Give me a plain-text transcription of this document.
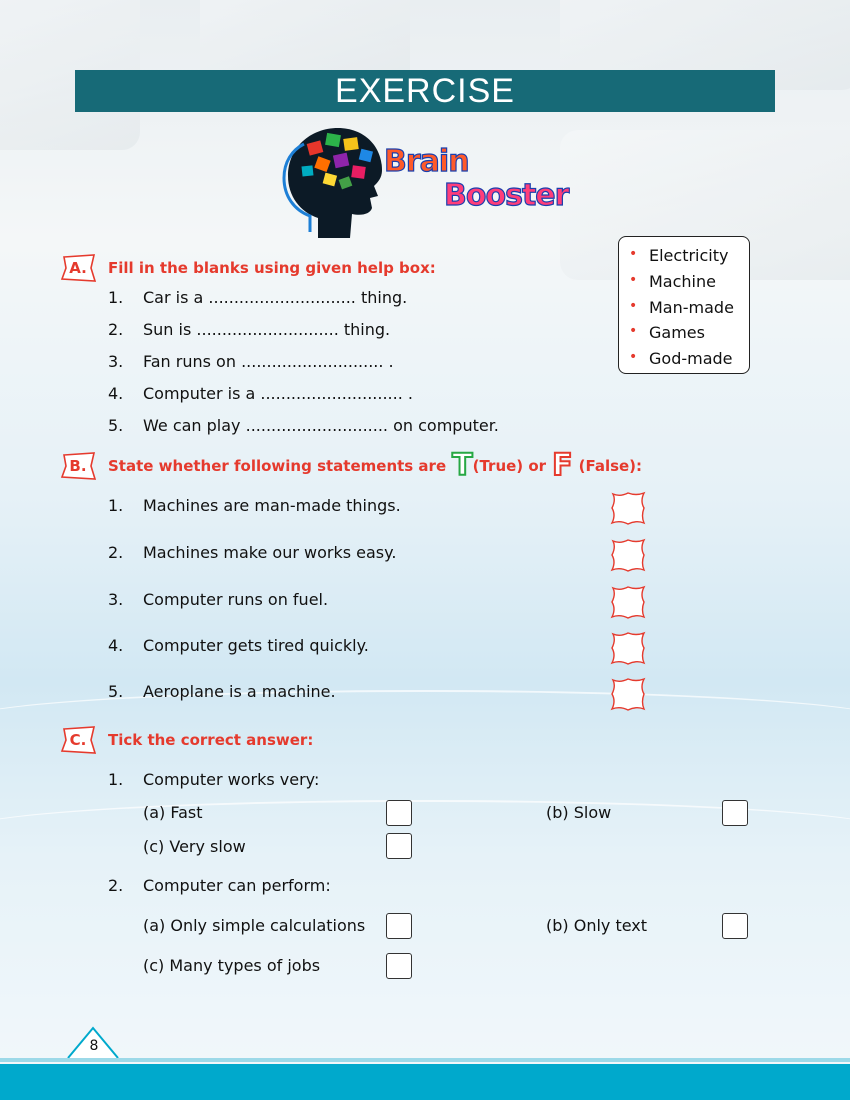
EXERCISE
Brain
Booster
A.	Fill in the blanks using given help box:
1. Car is a ............................. thing.
2. Sun is ............................ thing.
3. Fan runs on ............................ .
4. Computer is a ............................ .
5. We can play ............................ on computer.
• Electricity
• Machine
• Man-made
• Games
• God-made
B.	State whether following statements are T (True) or F (False):
1. Machines are man-made things.
2. Machines make our works easy.
3. Computer runs on fuel.
4. Computer gets tired quickly.
5. Aeroplane is a machine.
C.	Tick the correct answer:
1. Computer works very:
(a) Fast	(b) Slow
(c) Very slow
2. Computer can perform:
(a) Only simple calculations	(b) Only text
(c) Many types of jobs
8
